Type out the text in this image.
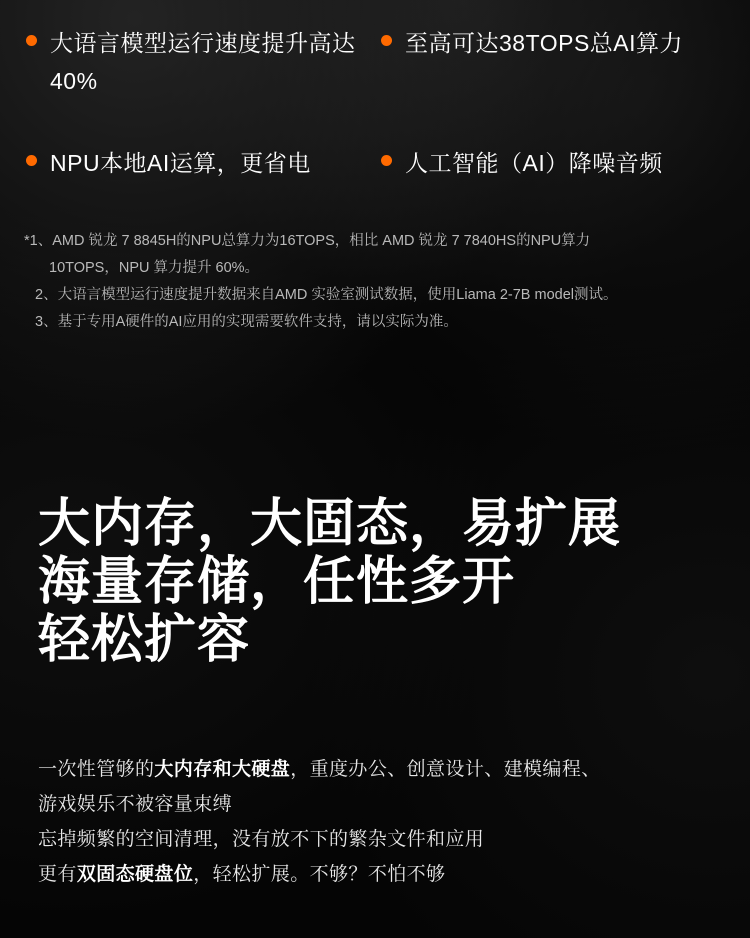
大语言模型运行速度提升高达40%
至高可达38TOPS总AI算力
NPU本地AI运算，更省电	人工智能（AI）降噪音频
*1、AMD 锐龙 7 8845H的NPU总算力为16TOPS，相比 AMD 锐龙 7 7840HS的NPU算力
10TOPS，NPU 算力提升 60%。
2、大语言模型运行速度提升数据来自AMD 实验室测试数据，使用Liama 2-7B model测试。
3、基于专用A硬件的AI应用的实现需要软件支持，请以实际为准。
大内存，大固态，易扩展
海量存储，任性多开
轻松扩容
一次性管够的大内存和大硬盘，重度办公、创意设计、建模编程、
游戏娱乐不被容量束缚
忘掉频繁的空间清理，没有放不下的繁杂文件和应用
更有双固态硬盘位，轻松扩展。不够？不怕不够
